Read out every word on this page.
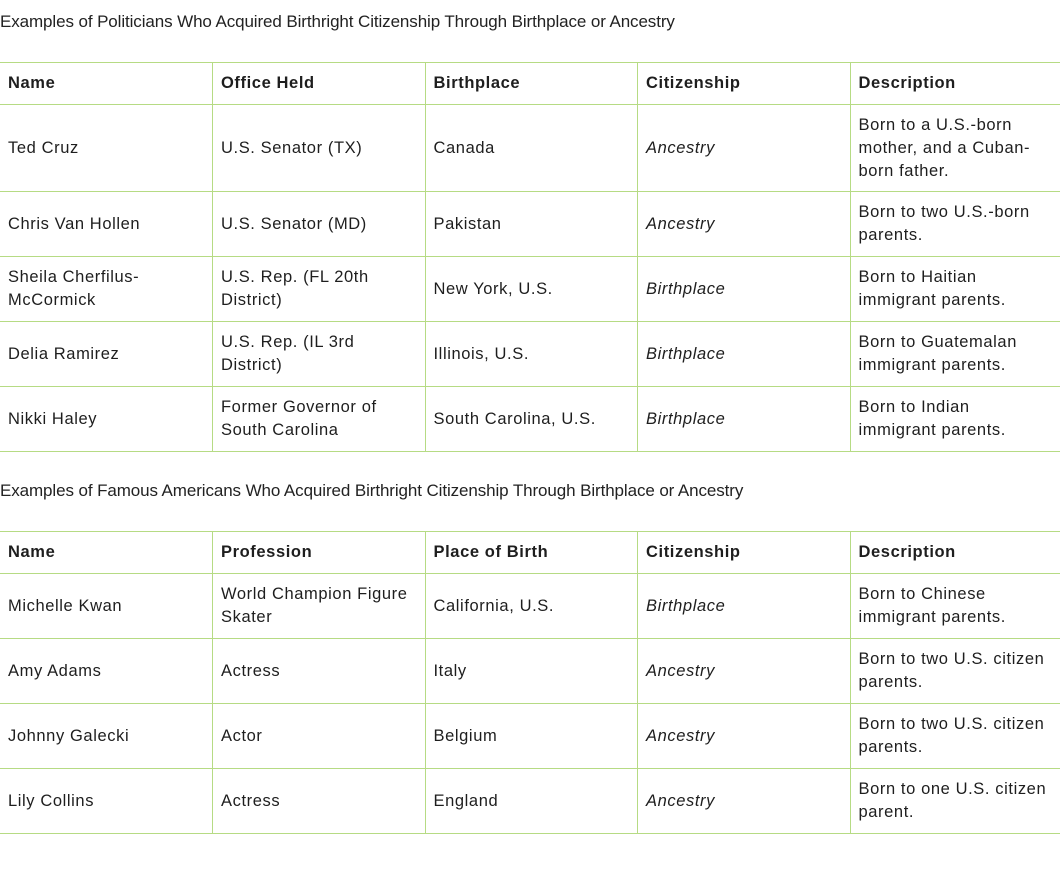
Examples of Politicians Who Acquired Birthright Citizenship Through Birthplace or Ancestry
Name	Office Held	Birthplace	Citizenship	Description
Ted Cruz	U.S. Senator (TX)	Canada	Ancestry	Born to a U.S.-born mother, and a Cuban-born father.
Chris Van Hollen	U.S. Senator (MD)	Pakistan	Ancestry	Born to two U.S.-born parents.
Sheila Cherfilus-McCormick	U.S. Rep. (FL 20th District)	New York, U.S.	Birthplace	Born to Haitian immigrant parents.
Delia Ramirez	U.S. Rep. (IL 3rd District)	Illinois, U.S.	Birthplace	Born to Guatemalan immigrant parents.
Nikki Haley	Former Governor of South Carolina	South Carolina, U.S.	Birthplace	Born to Indian immigrant parents.
Examples of Famous Americans Who Acquired Birthright Citizenship Through Birthplace or Ancestry
Name	Profession	Place of Birth	Citizenship	Description
Michelle Kwan	World Champion Figure Skater	California, U.S.	Birthplace	Born to Chinese immigrant parents.
Amy Adams	Actress	Italy	Ancestry	Born to two U.S. citizen parents.
Johnny Galecki	Actor	Belgium	Ancestry	Born to two U.S. citizen parents.
Lily Collins	Actress	England	Ancestry	Born to one U.S. citizen parent.
